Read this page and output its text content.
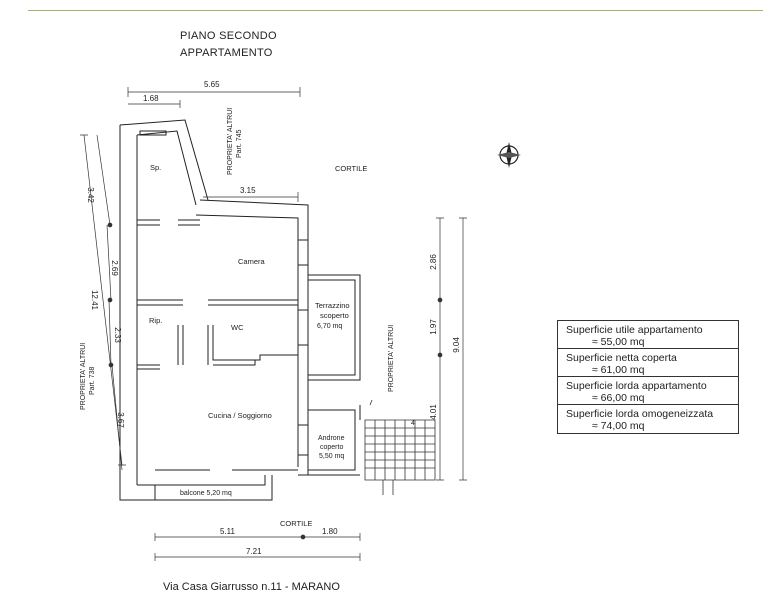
PIANO SECONDO
APPARTAMENTO
5.65
1.68
3.15
3.42
2.69
12.41
2.33
3.67
2.86
1.97
9.04
4.01
5.11	1.80
7.21
Sp.
Camera
Rip.
WC
Cucina / Soggiorno
balcone 5,20 mq
Terrazzino
scoperto
6,70 mq
Androne
coperto
5,50 mq
CORTILE
CORTILE
PROPRIETA' ALTRUI Part. 745
PROPRIETA' ALTRUI Part. 738	PROPRIETA' ALTRUI
4
Superficie utile appartamento
≈ 55,00 mq
Superficie netta coperta
≈ 61,00 mq
Superficie lorda appartamento
≈ 66,00 mq
Superficie lorda omogeneizzata
≈ 74,00 mq
Via Casa Giarrusso n.11 - MARANO
